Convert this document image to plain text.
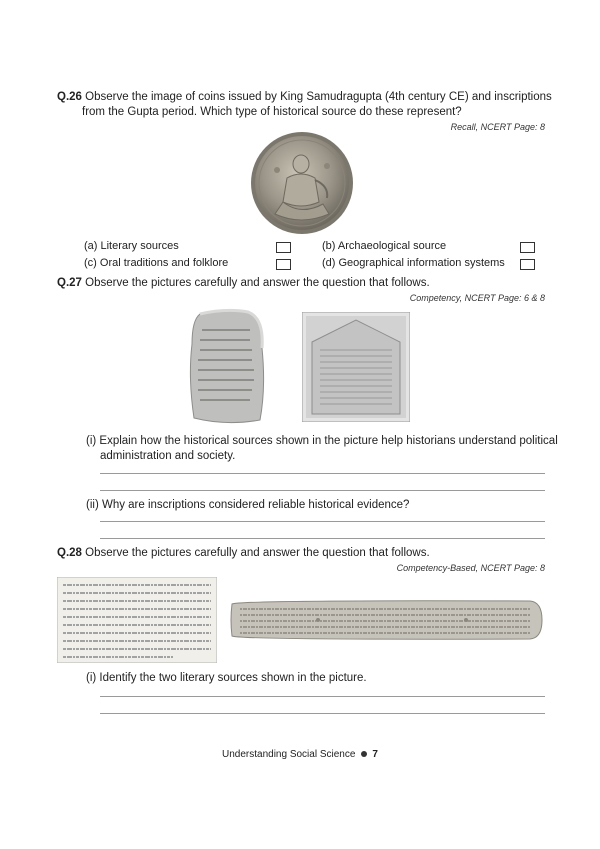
Q.26 Observe the image of coins issued by King Samudragupta (4th century CE) and inscriptions
from the Gupta period. Which type of historical source do these represent?
Recall, NCERT Page: 8
(a) Literary sources	(b) Archaeological source
(c) Oral traditions and folklore	(d) Geographical information systems
Q.27 Observe the pictures carefully and answer the question that follows.
Competency, NCERT Page: 6 & 8
(i) Explain how the historical sources shown in the picture help historians understand political
administration and society.
(ii) Why are inscriptions considered reliable historical evidence?
Q.28 Observe the pictures carefully and answer the question that follows.
Competency-Based, NCERT Page: 8
(i) Identify the two literary sources shown in the picture.
Understanding Social Science 7
